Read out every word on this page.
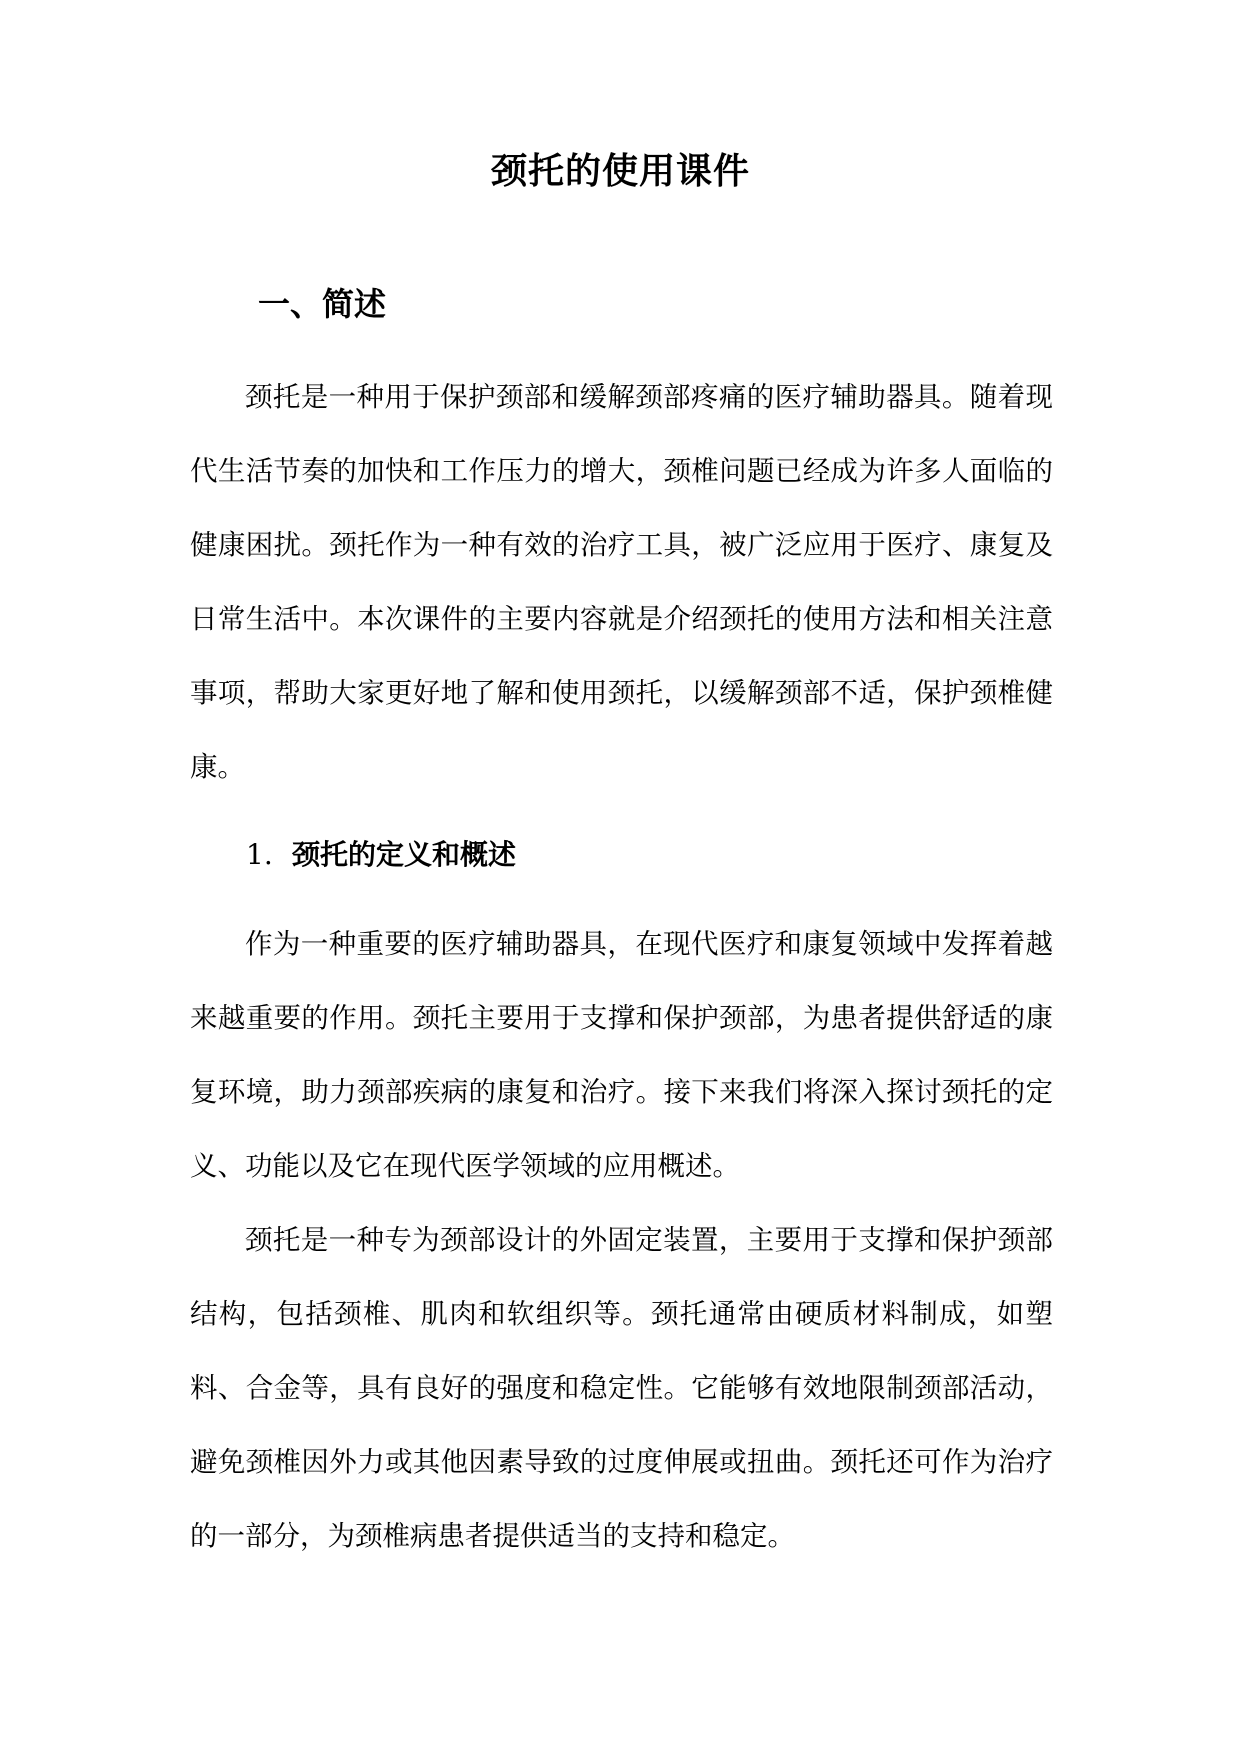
颈托的使用课件
一、简述

颈托是一种用于保护颈部和缓解颈部疼痛的医疗辅助器具。随着现代生活节奏的加快和工作压力的增大，颈椎问题已经成为许多人面临的健康困扰。颈托作为一种有效的治疗工具，被广泛应用于医疗、康复及日常生活中。本次课件的主要内容就是介绍颈托的使用方法和相关注意事项，帮助大家更好地了解和使用颈托，以缓解颈部不适，保护颈椎健康。

1. 颈托的定义和概述

作为一种重要的医疗辅助器具，在现代医疗和康复领域中发挥着越来越重要的作用。颈托主要用于支撑和保护颈部，为患者提供舒适的康复环境，助力颈部疾病的康复和治疗。接下来我们将深入探讨颈托的定义、功能以及它在现代医学领域的应用概述。

颈托是一种专为颈部设计的外固定装置，主要用于支撑和保护颈部结构，包括颈椎、肌肉和软组织等。颈托通常由硬质材料制成，如塑料、合金等，具有良好的强度和稳定性。它能够有效地限制颈部活动，避免颈椎因外力或其他因素导致的过度伸展或扭曲。颈托还可作为治疗的一部分，为颈椎病患者提供适当的支持和稳定。
